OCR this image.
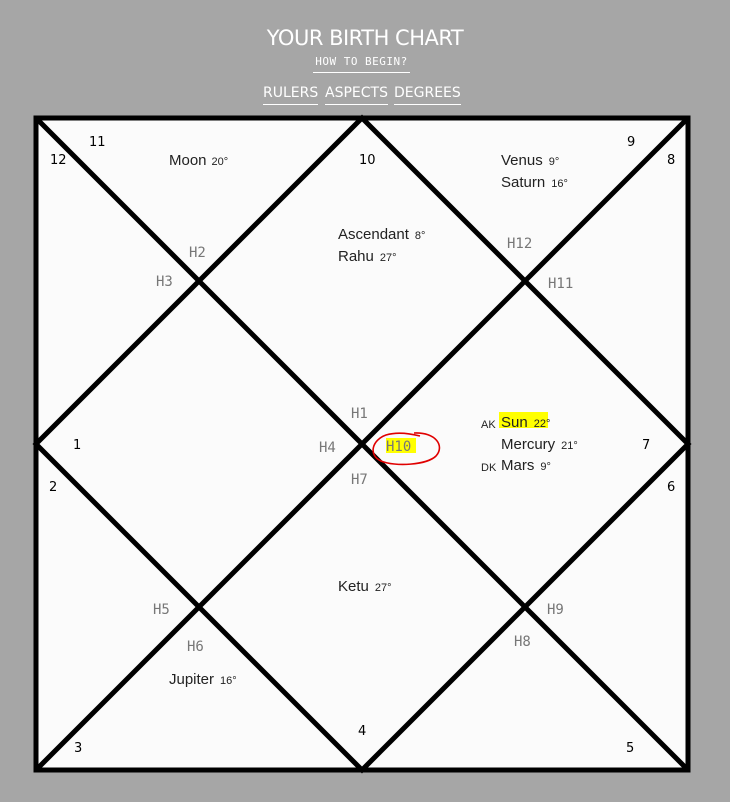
YOUR BIRTH CHART
HOW TO BEGIN?
RULERS ASPECTS DEGREES
H1
H2
H3
H4
H5
H6
H7
H8
H9
H10
H11
H12
11
12	10
9
8
1	7
2	6
4
3	5
Moon 20°	Venus 9°
Saturn 16°
Ascendant 8°
Rahu 27°
AK Sun 22°
Mercury 21°
DK Mars 9°
Ketu 27°
Jupiter 16°
